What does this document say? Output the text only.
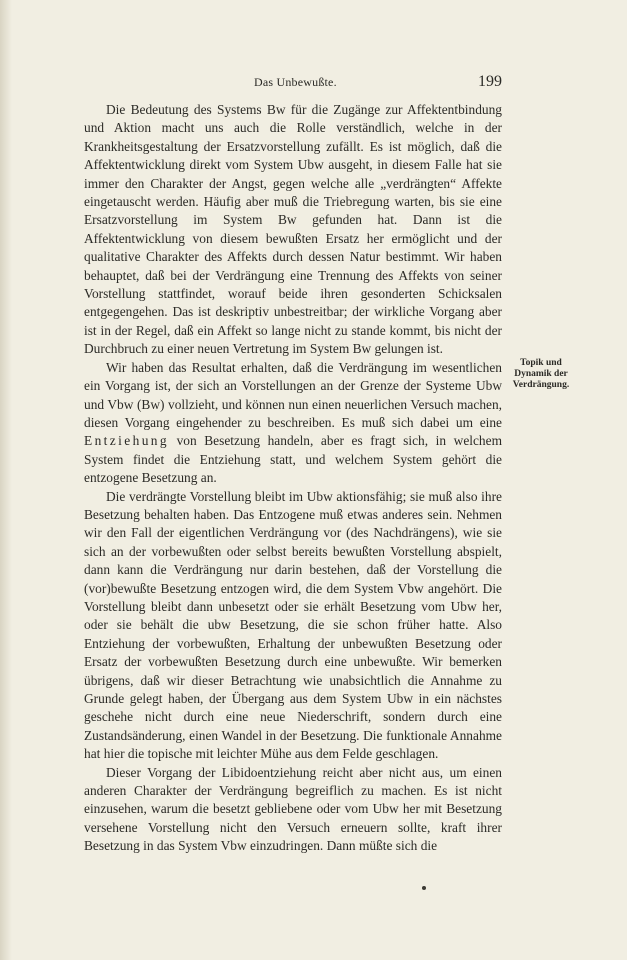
Das Unbewußte.	199

Die Bedeutung des Systems Bw für die Zugänge zur Affektentbindung und Aktion macht uns auch die Rolle verständlich, welche in der Krankheitsgestaltung der Ersatzvorstellung zufällt. Es ist möglich, daß die Affektentwicklung direkt vom System Ubw ausgeht, in diesem Falle hat sie immer den Charakter der Angst, gegen welche alle „verdrängten“ Affekte eingetauscht werden. Häufig aber muß die Triebregung warten, bis sie eine Ersatzvorstellung im System Bw gefunden hat. Dann ist die Affektentwicklung von diesem bewußten Ersatz her ermöglicht und der qualitative Charakter des Affekts durch dessen Natur bestimmt. Wir haben behauptet, daß bei der Verdrängung eine Trennung des Affekts von seiner Vorstellung stattfindet, worauf beide ihren gesonderten Schicksalen entgegengehen. Das ist deskriptiv unbestreitbar; der wirkliche Vorgang aber ist in der Regel, daß ein Affekt so lange nicht zu stande kommt, bis nicht der Durchbruch zu einer neuen Vertretung im System Bw gelungen ist.

Wir haben das Resultat erhalten, daß die Verdrängung im wesentlichen ein Vorgang ist, der sich an Vorstellungen an der Grenze der Systeme Ubw und Vbw (Bw) vollzieht, und können nun einen neuerlichen Versuch machen, diesen Vorgang eingehender zu beschreiben. Es muß sich dabei um eine Entziehung von Besetzung handeln, aber es fragt sich, in welchem System findet die Entziehung statt, und welchem System gehört die entzogene Besetzung an.

Die verdrängte Vorstellung bleibt im Ubw aktionsfähig; sie muß also ihre Besetzung behalten haben. Das Entzogene muß etwas anderes sein. Nehmen wir den Fall der eigentlichen Verdrängung vor (des Nachdrängens), wie sie sich an der vorbewußten oder selbst bereits bewußten Vorstellung abspielt, dann kann die Verdrängung nur darin bestehen, daß der Vorstellung die (vor)bewußte Besetzung entzogen wird, die dem System Vbw angehört. Die Vorstellung bleibt dann unbesetzt oder sie erhält Besetzung vom Ubw her, oder sie behält die ubw Besetzung, die sie schon früher hatte. Also Entziehung der vorbewußten, Erhaltung der unbewußten Besetzung oder Ersatz der vorbewußten Besetzung durch eine unbewußte. Wir bemerken übrigens, daß wir dieser Betrachtung wie unabsichtlich die Annahme zu Grunde gelegt haben, der Übergang aus dem System Ubw in ein nächstes geschehe nicht durch eine neue Niederschrift, sondern durch eine Zustandsänderung, einen Wandel in der Besetzung. Die funktionale Annahme hat hier die topische mit leichter Mühe aus dem Felde geschlagen.

Dieser Vorgang der Libidoentziehung reicht aber nicht aus, um einen anderen Charakter der Verdrängung begreiflich zu machen. Es ist nicht einzusehen, warum die besetzt gebliebene oder vom Ubw her mit Besetzung versehene Vorstellung nicht den Versuch erneuern sollte, kraft ihrer Besetzung in das System Vbw einzudringen. Dann müßte sich die

Topik und
Dynamik der
Verdrängung.
